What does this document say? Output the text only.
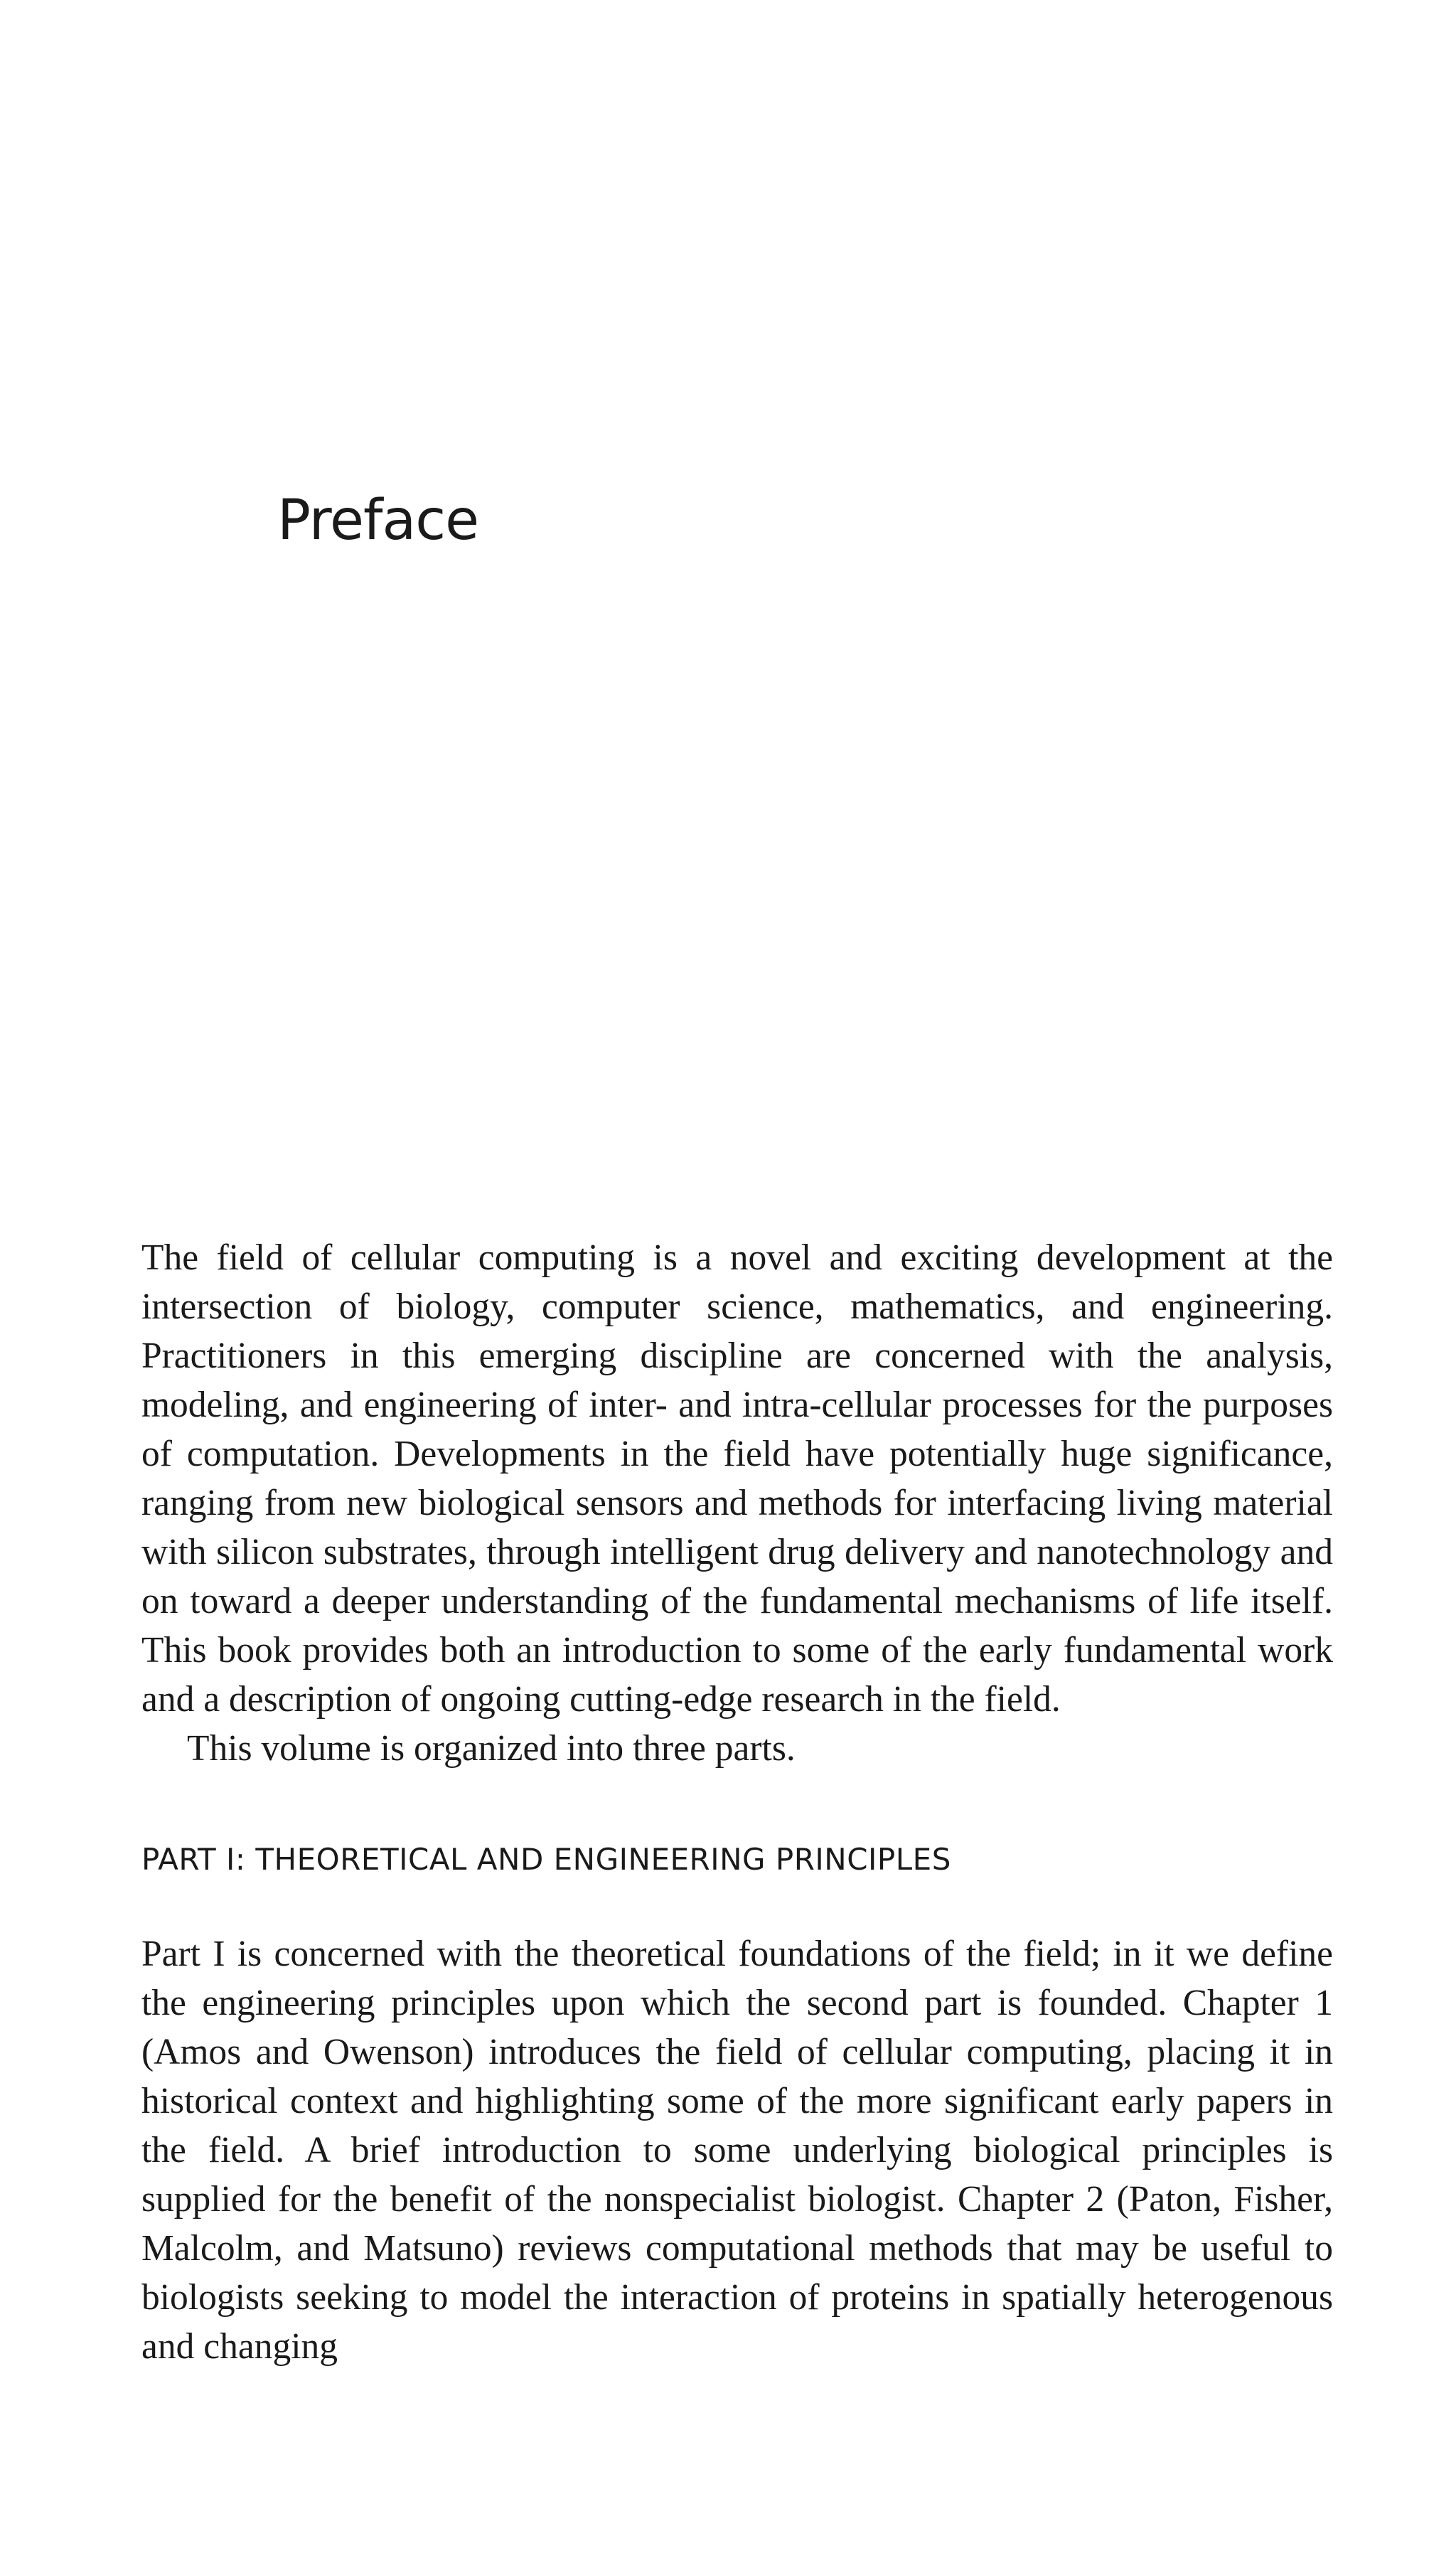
Preface

The field of cellular computing is a novel and exciting development at the intersection of biology, computer science, mathematics, and engineering. Practitioners in this emerging discipline are concerned with the analysis, modeling, and engineering of inter- and intra-cellular processes for the purposes of computation. Developments in the field have potentially huge significance, ranging from new biological sensors and methods for interfacing living material with silicon substrates, through intelligent drug delivery and nanotechnology and on toward a deeper understanding of the fundamental mechanisms of life itself. This book provides both an introduction to some of the early fundamental work and a description of ongoing cutting-edge research in the field.

This volume is organized into three parts.

PART I: THEORETICAL AND ENGINEERING PRINCIPLES

Part I is concerned with the theoretical foundations of the field; in it we define the engineering principles upon which the second part is founded. Chapter 1 (Amos and Owenson) introduces the field of cellular computing, placing it in historical context and highlighting some of the more significant early papers in the field. A brief introduction to some underlying biological principles is supplied for the benefit of the nonspecialist biologist. Chapter 2 (Paton, Fisher, Malcolm, and Matsuno) reviews computational methods that may be useful to biologists seeking to model the interaction of proteins in spatially heterogenous and changing
